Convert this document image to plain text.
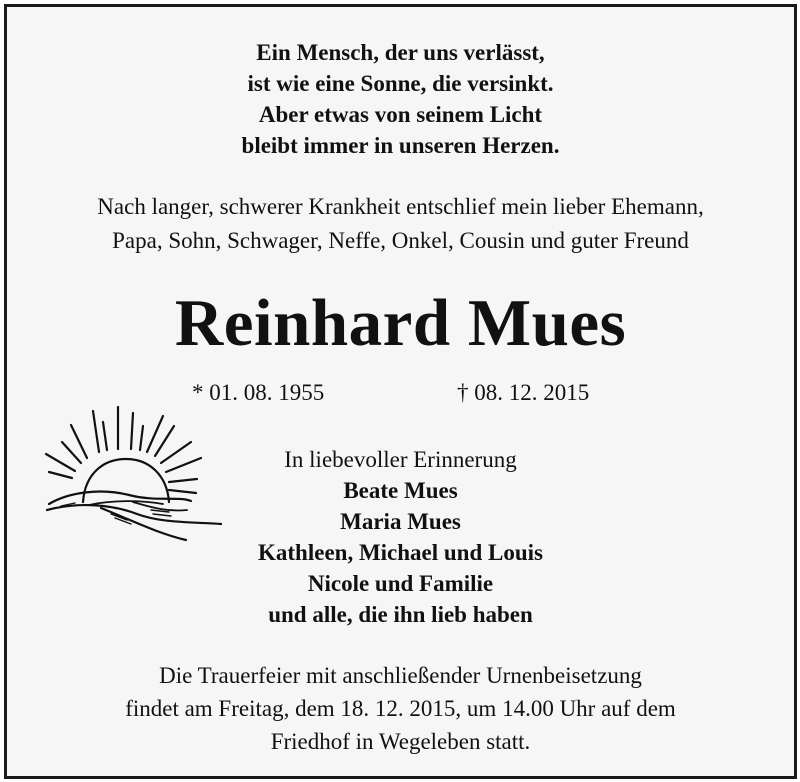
Ein Mensch, der uns verlässt,
ist wie eine Sonne, die versinkt.
Aber etwas von seinem Licht
bleibt immer in unseren Herzen.
Nach langer, schwerer Krankheit entschlief mein lieber Ehemann,
Papa, Sohn, Schwager, Neffe, Onkel, Cousin und guter Freund
Reinhard Mues
* 01. 08. 1955	† 08. 12. 2015
In liebevoller Erinnerung
Beate Mues
Maria Mues
Kathleen, Michael und Louis
Nicole und Familie
und alle, die ihn lieb haben
Die Trauerfeier mit anschließender Urnenbeisetzung
findet am Freitag, dem 18. 12. 2015, um 14.00 Uhr auf dem
Friedhof in Wegeleben statt.
